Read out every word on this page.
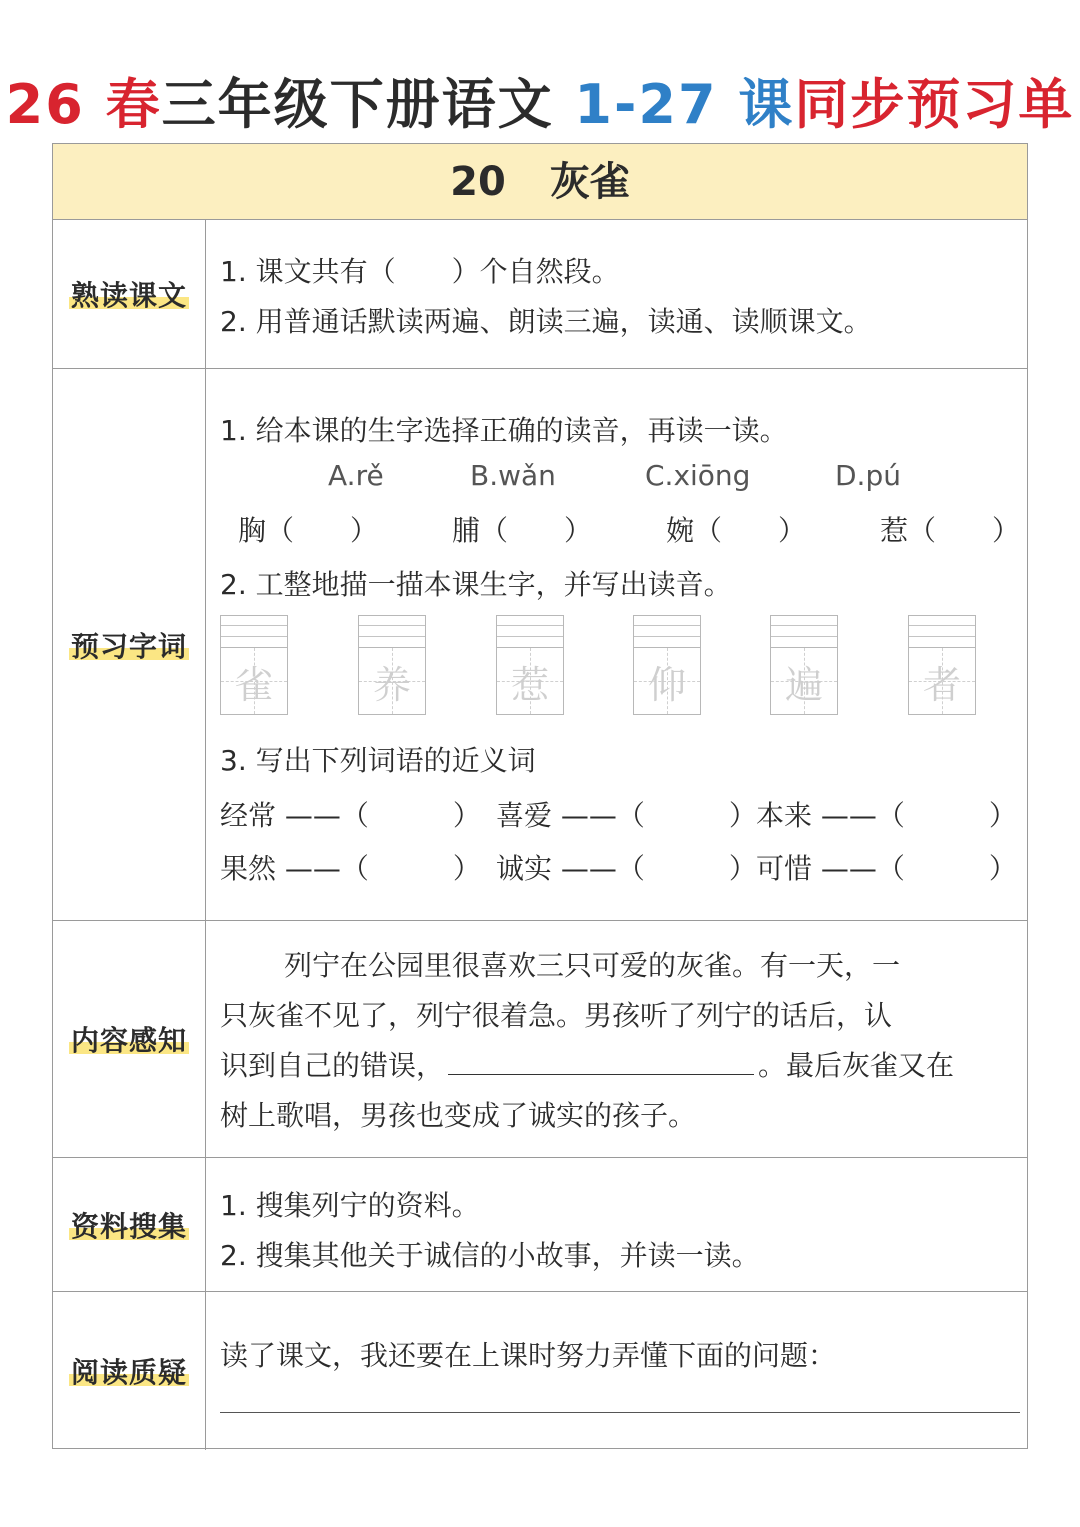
26 春三年级下册语文 1-27 课同步预习单
20 灰雀
熟读课文
1. 课文共有（　　）个自然段。
2. 用普通话默读两遍、朗读三遍，读通、读顺课文。
预习字词
1. 给本课的生字选择正确的读音，再读一读。
A.rě	B.wǎn	C.xiōng	D.pú
胸（　　）	脯（　　）	婉（　　）	惹（　　）
2. 工整地描一描本课生字，并写出读音。
雀	养	惹	仰	遍	者
3. 写出下列词语的近义词
经常 ——（　　　） 喜爱 ——（　　　） 本来 ——（　　　）
果然 ——（　　　） 诚实 ——（　　　） 可惜 ——（　　　）
内容感知
列宁在公园里很喜欢三只可爱的灰雀。有一天，一
只灰雀不见了，列宁很着急。男孩听了列宁的话后，认
识到自己的错误，	。最后灰雀又在
树上歌唱，男孩也变成了诚实的孩子。
资料搜集
1. 搜集列宁的资料。
2. 搜集其他关于诚信的小故事，并读一读。
阅读质疑
读了课文，我还要在上课时努力弄懂下面的问题：
